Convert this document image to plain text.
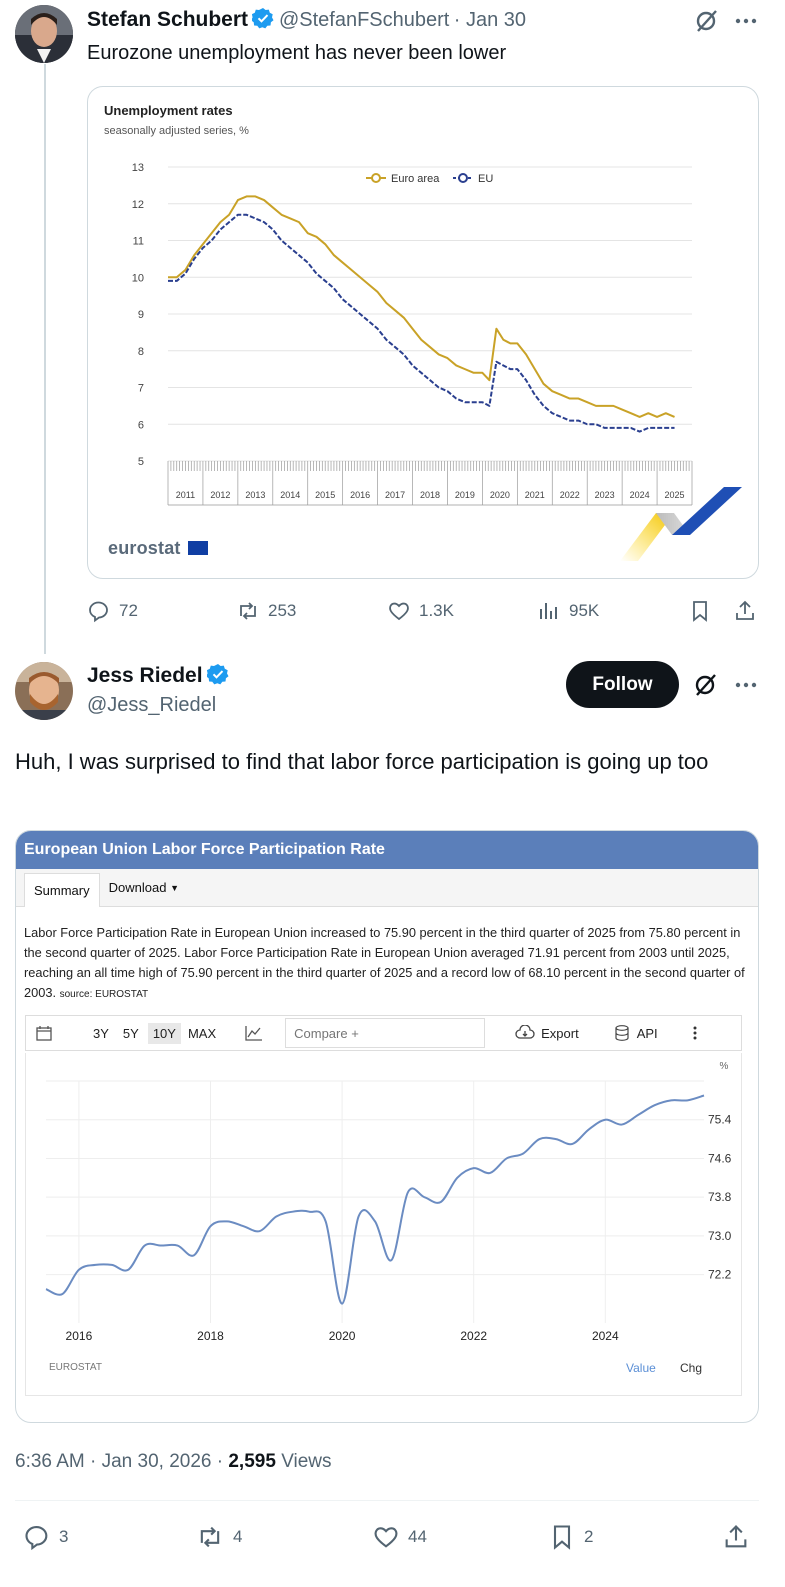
Stefan Schubert @StefanFSchubert · Jan 30
Eurozone unemployment has never been lower
Unemployment rates
seasonally adjusted series, %
13
12
11
10
9
8
7
6
5
2011 2012 2013 2014 2015 2016 2017 2018 2019 2020 2021 2022 2023 2024 2025
Euro area	EU
eurostat
72	253	1.3K	95K
Jess Riedel
@Jess_Riedel
Follow
Huh, I was surprised to find that labor force participation is going up too
European Union Labor Force Participation Rate
Summary	Download
▼
Labor Force Participation Rate in European Union increased to 75.90 percent in the third quarter of 2025 from 75.80 percent in the second quarter of 2025. Labor Force Participation Rate in European Union averaged 71.91 percent from 2003 until 2025, reaching an all time high of 75.90 percent in the third quarter of 2025 and a record low of 68.10 percent in the second quarter of 2003. source: EUROSTAT
3Y	5Y	10Y MAX
Compare +	Export	API
%
75.4
74.6
73.8
73.0
72.2
2016	2018	2020	2022	2024
EUROSTAT	Value Chg
6:36 AM · Jan 30, 2026 · 2,595 Views
3	4	44	2
